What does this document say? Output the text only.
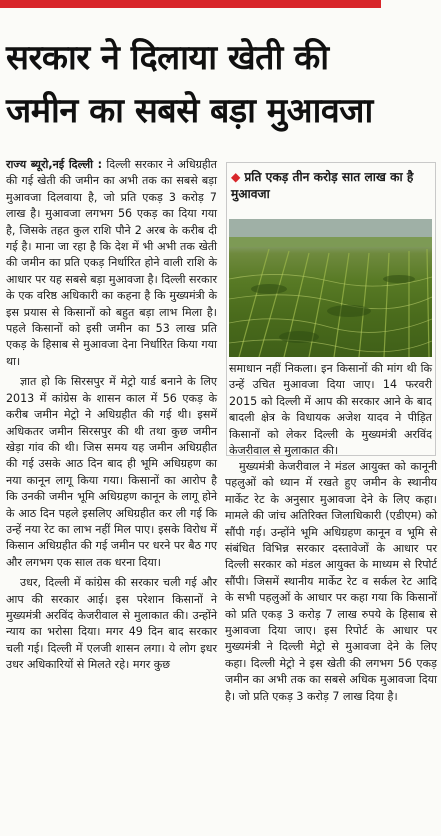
सरकार ने दिलाया खेती की
जमीन का सबसे बड़ा मुआवजा

राज्य ब्यूरो,नई दिल्ली : दिल्ली सरकार ने अधिग्रहीत की गई खेती की जमीन का अभी तक का सबसे बड़ा मुआवजा दिलवाया है, जो प्रति एकड़ 3 करोड़ 7 लाख है। मुआवजा लगभग 56 एकड़ का दिया गया है, जिसके तहत कुल राशि पौने 2 अरब के करीब दी गई है। माना जा रहा है कि देश में भी अभी तक खेती की जमीन का प्रति एकड़ निर्धारित होने वाली राशि के आधार पर यह सबसे बड़ा मुआवजा है। दिल्ली सरकार के एक वरिष्ठ अधिकारी का कहना है कि मुख्यमंत्री के इस प्रयास से किसानों को बहुत बड़ा लाभ मिला है। पहले किसानों को इसी जमीन का 53 लाख प्रति एकड़ के हिसाब से मुआवजा देना निर्धारित किया गया था।

ज्ञात हो कि सिरसपुर में मेट्रो यार्ड बनाने के लिए 2013 में कांग्रेस के शासन काल में 56 एकड़ के करीब जमीन मेट्रो ने अधिग्रहीत की गई थी। इसमें अधिकतर जमीन सिरसपुर की थी तथा कुछ जमीन खेड़ा गांव की थी। जिस समय यह जमीन अधिग्रहीत की गई उसके आठ दिन बाद ही भूमि अधिग्रहण का नया कानून लागू किया गया। किसानों का आरोप है कि उनकी जमीन भूमि अधिग्रहण कानून के लागू होने के आठ दिन पहले इसलिए अधिग्रहीत कर ली गई कि उन्हें नया रेट का लाभ नहीं मिल पाए। इसके विरोध में किसान अधिग्रहीत की गई जमीन पर धरने पर बैठ गए और लगभग एक साल तक धरना दिया।

उधर, दिल्ली में कांग्रेस की सरकार चली गई और आप की सरकार आई। इस परेशान किसानों ने मुख्यमंत्री अरविंद केजरीवाल से मुलाकात की। उन्होंने न्याय का भरोसा दिया। मगर 49 दिन बाद सरकार चली गई। दिल्ली में एलजी शासन लगा। ये लोग इधर उधर अधिकारियों से मिलते रहे। मगर कुछ

◆ प्रति एकड़ तीन करोड़ सात लाख का है मुआवजा
समाधान नहीं निकला। इन किसानों की मांग थी कि उन्हें उचित मुआवजा दिया जाए। 14 फरवरी 2015 को दिल्ली में आप की सरकार आने के बाद बादली क्षेत्र के विधायक अजेश यादव ने पीड़ित किसानों को लेकर दिल्ली के मुख्यमंत्री अरविंद केजरीवाल से मुलाकात की।

मुख्यमंत्री केजरीवाल ने मंडल आयुक्त को कानूनी पहलुओं को ध्यान में रखते हुए जमीन के स्थानीय मार्केट रेट के अनुसार मुआवजा देने के लिए कहा। मामले की जांच अतिरिक्त जिलाधिकारी (एडीएम) को सौंपी गई। उन्होंने भूमि अधिग्रहण कानून व भूमि से संबंधित विभिन्न सरकार दस्तावेजों के आधार पर दिल्ली सरकार को मंडल आयुक्त के माध्यम से रिपोर्ट सौंपी। जिसमें स्थानीय मार्केट रेट व सर्कल रेट आदि के सभी पहलुओं के आधार पर कहा गया कि किसानों को प्रति एकड़ 3 करोड़ 7 लाख रुपये के हिसाब से मुआवजा दिया जाए। इस रिपोर्ट के आधार पर मुख्यमंत्री ने दिल्ली मेट्रो से मुआवजा देने के लिए कहा। दिल्ली मेट्रो ने इस खेती की लगभग 56 एकड़ जमीन का अभी तक का सबसे अधिक मुआवजा दिया है। जो प्रति एकड़ 3 करोड़ 7 लाख दिया है।
